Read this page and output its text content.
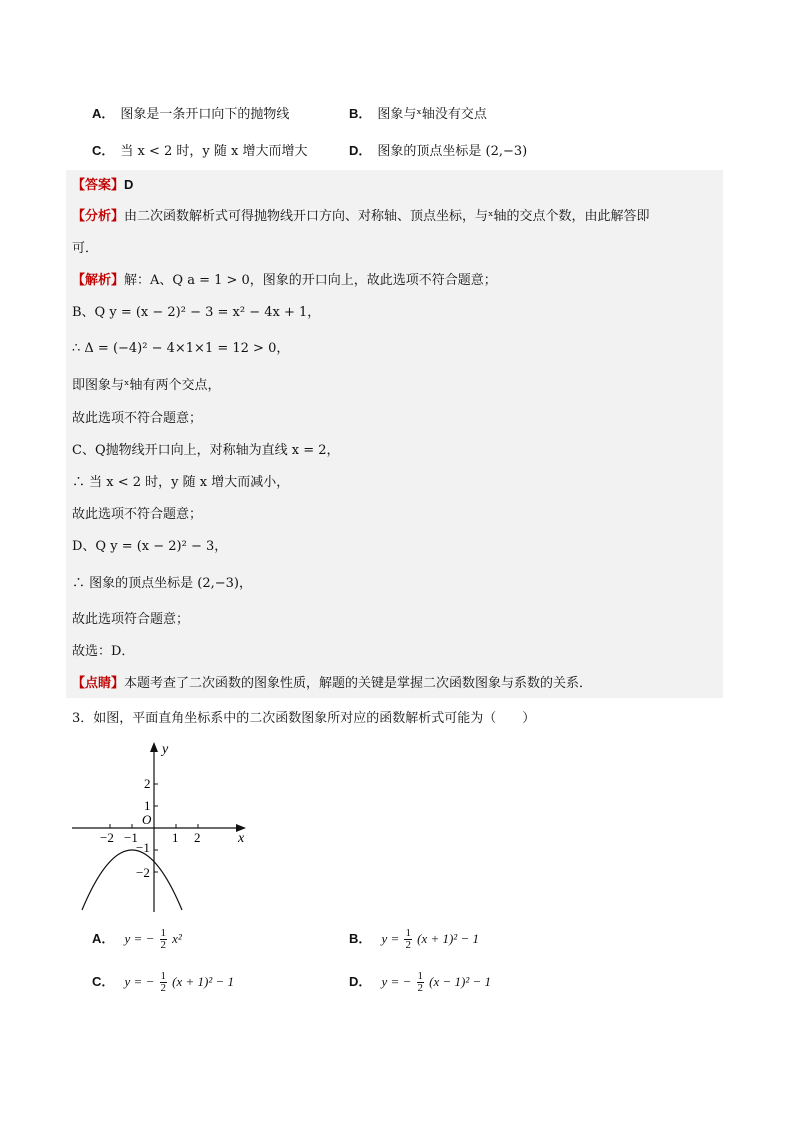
A． 图象是一条开口向下的抛物线	B． 图象与ˣ轴没有交点
C． 当 x < 2 时，y 随 x 增大而增大	D． 图象的顶点坐标是 (2,−3)
【答案】D
【分析】由二次函数解析式可得抛物线开口方向、对称轴、顶点坐标，与ˣ轴的交点个数，由此解答即
可．
【解析】解：A、Q a = 1 > 0，图象的开口向上，故此选项不符合题意；
B、Q y = (x − 2)² − 3 = x² − 4x + 1，
∴ Δ = (−4)² − 4×1×1 = 12 > 0，
即图象与ˣ轴有两个交点，
故此选项不符合题意；
C、Q抛物线开口向上，对称轴为直线 x = 2，
∴ 当 x < 2 时，y 随 x 增大而减小，
故此选项不符合题意；
D、Q y = (x − 2)² − 3，
∴ 图象的顶点坐标是 (2,−3)，
故此选项符合题意；
故选：D．
【点睛】本题考查了二次函数的图象性质，解题的关键是掌握二次函数图象与系数的关系．
3．如图，平面直角坐标系中的二次函数图象所对应的函数解析式可能为（　　）
y
x
O
2
1
−1
−2
−2 −1	1 2
A． y = − $\frac{1}{2} x^2$	B． $y = \frac{1}{2} (x + 1)^2 - 1$
C． y = − $\frac{1}{2} (x + 1)^2 - 1$	D． y = − $\frac{1}{2} (x - 1)^2 - 1$
